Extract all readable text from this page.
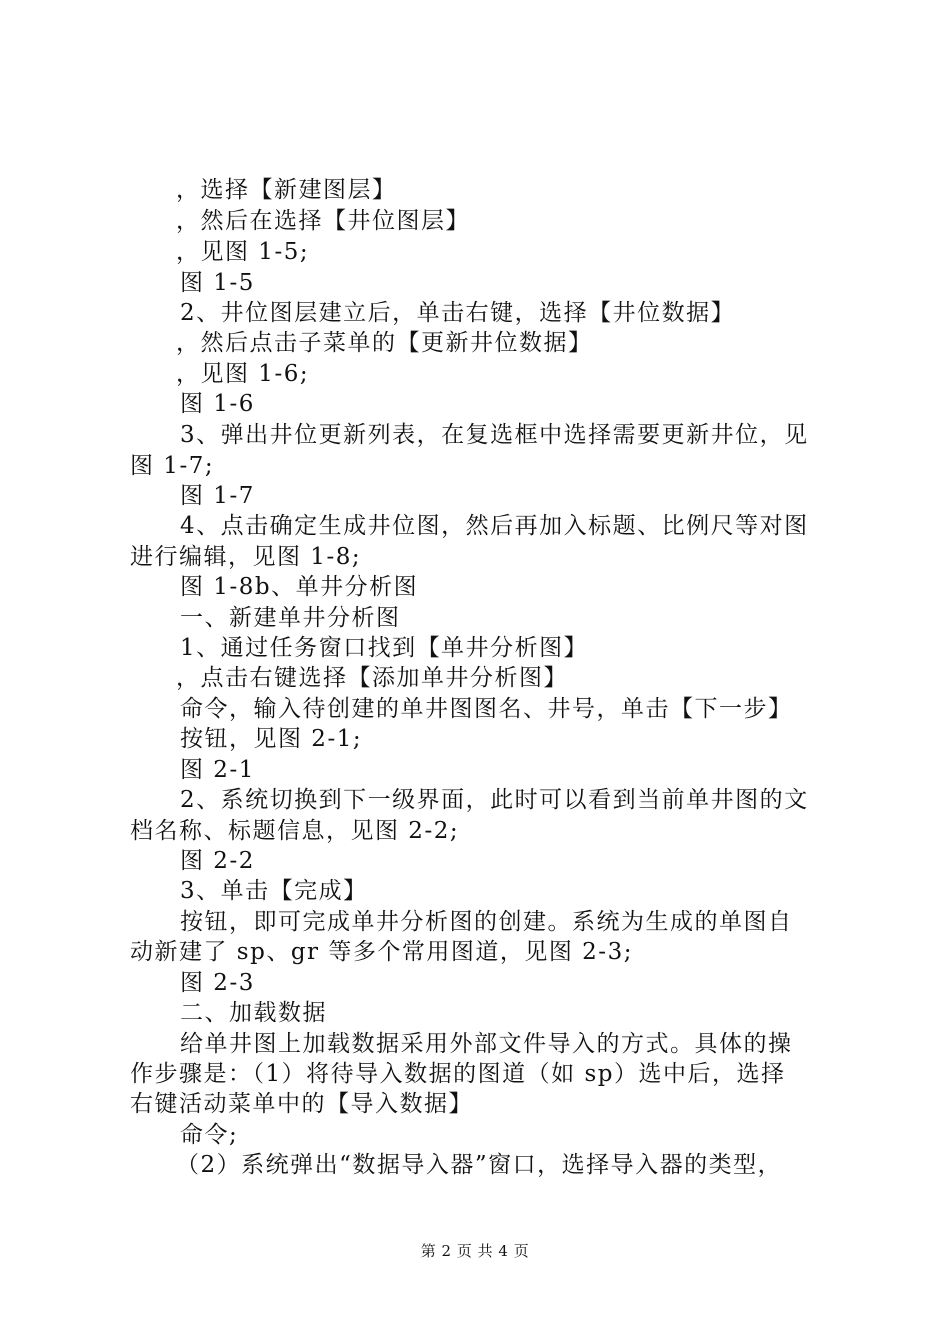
，选择【新建图层】
，然后在选择【井位图层】
，见图 1-5;
图 1-5
2、井位图层建立后，单击右键，选择【井位数据】
，然后点击子菜单的【更新井位数据】
，见图 1-6;
图 1-6
3、弹出井位更新列表，在复选框中选择需要更新井位，见
图 1-7;
图 1-7
4、点击确定生成井位图，然后再加入标题、比例尺等对图
进行编辑，见图 1-8;
图 1-8b、单井分析图
一、新建单井分析图
1、通过任务窗口找到【单井分析图】
，点击右键选择【添加单井分析图】
命令，输入待创建的单井图图名、井号，单击【下一步】
按钮，见图 2-1;
图 2-1
2、系统切换到下一级界面，此时可以看到当前单井图的文
档名称、标题信息，见图 2-2;
图 2-2
3、单击【完成】
按钮，即可完成单井分析图的创建。系统为生成的单图自
动新建了 sp、gr 等多个常用图道，见图 2-3;
图 2-3
二、加载数据
给单井图上加载数据采用外部文件导入的方式。具体的操
作步骤是：（1）将待导入数据的图道（如 sp）选中后，选择
右键活动菜单中的【导入数据】
命令;
（2）系统弹出“数据导入器”窗口，选择导入器的类型，
第 2 页 共 4 页
